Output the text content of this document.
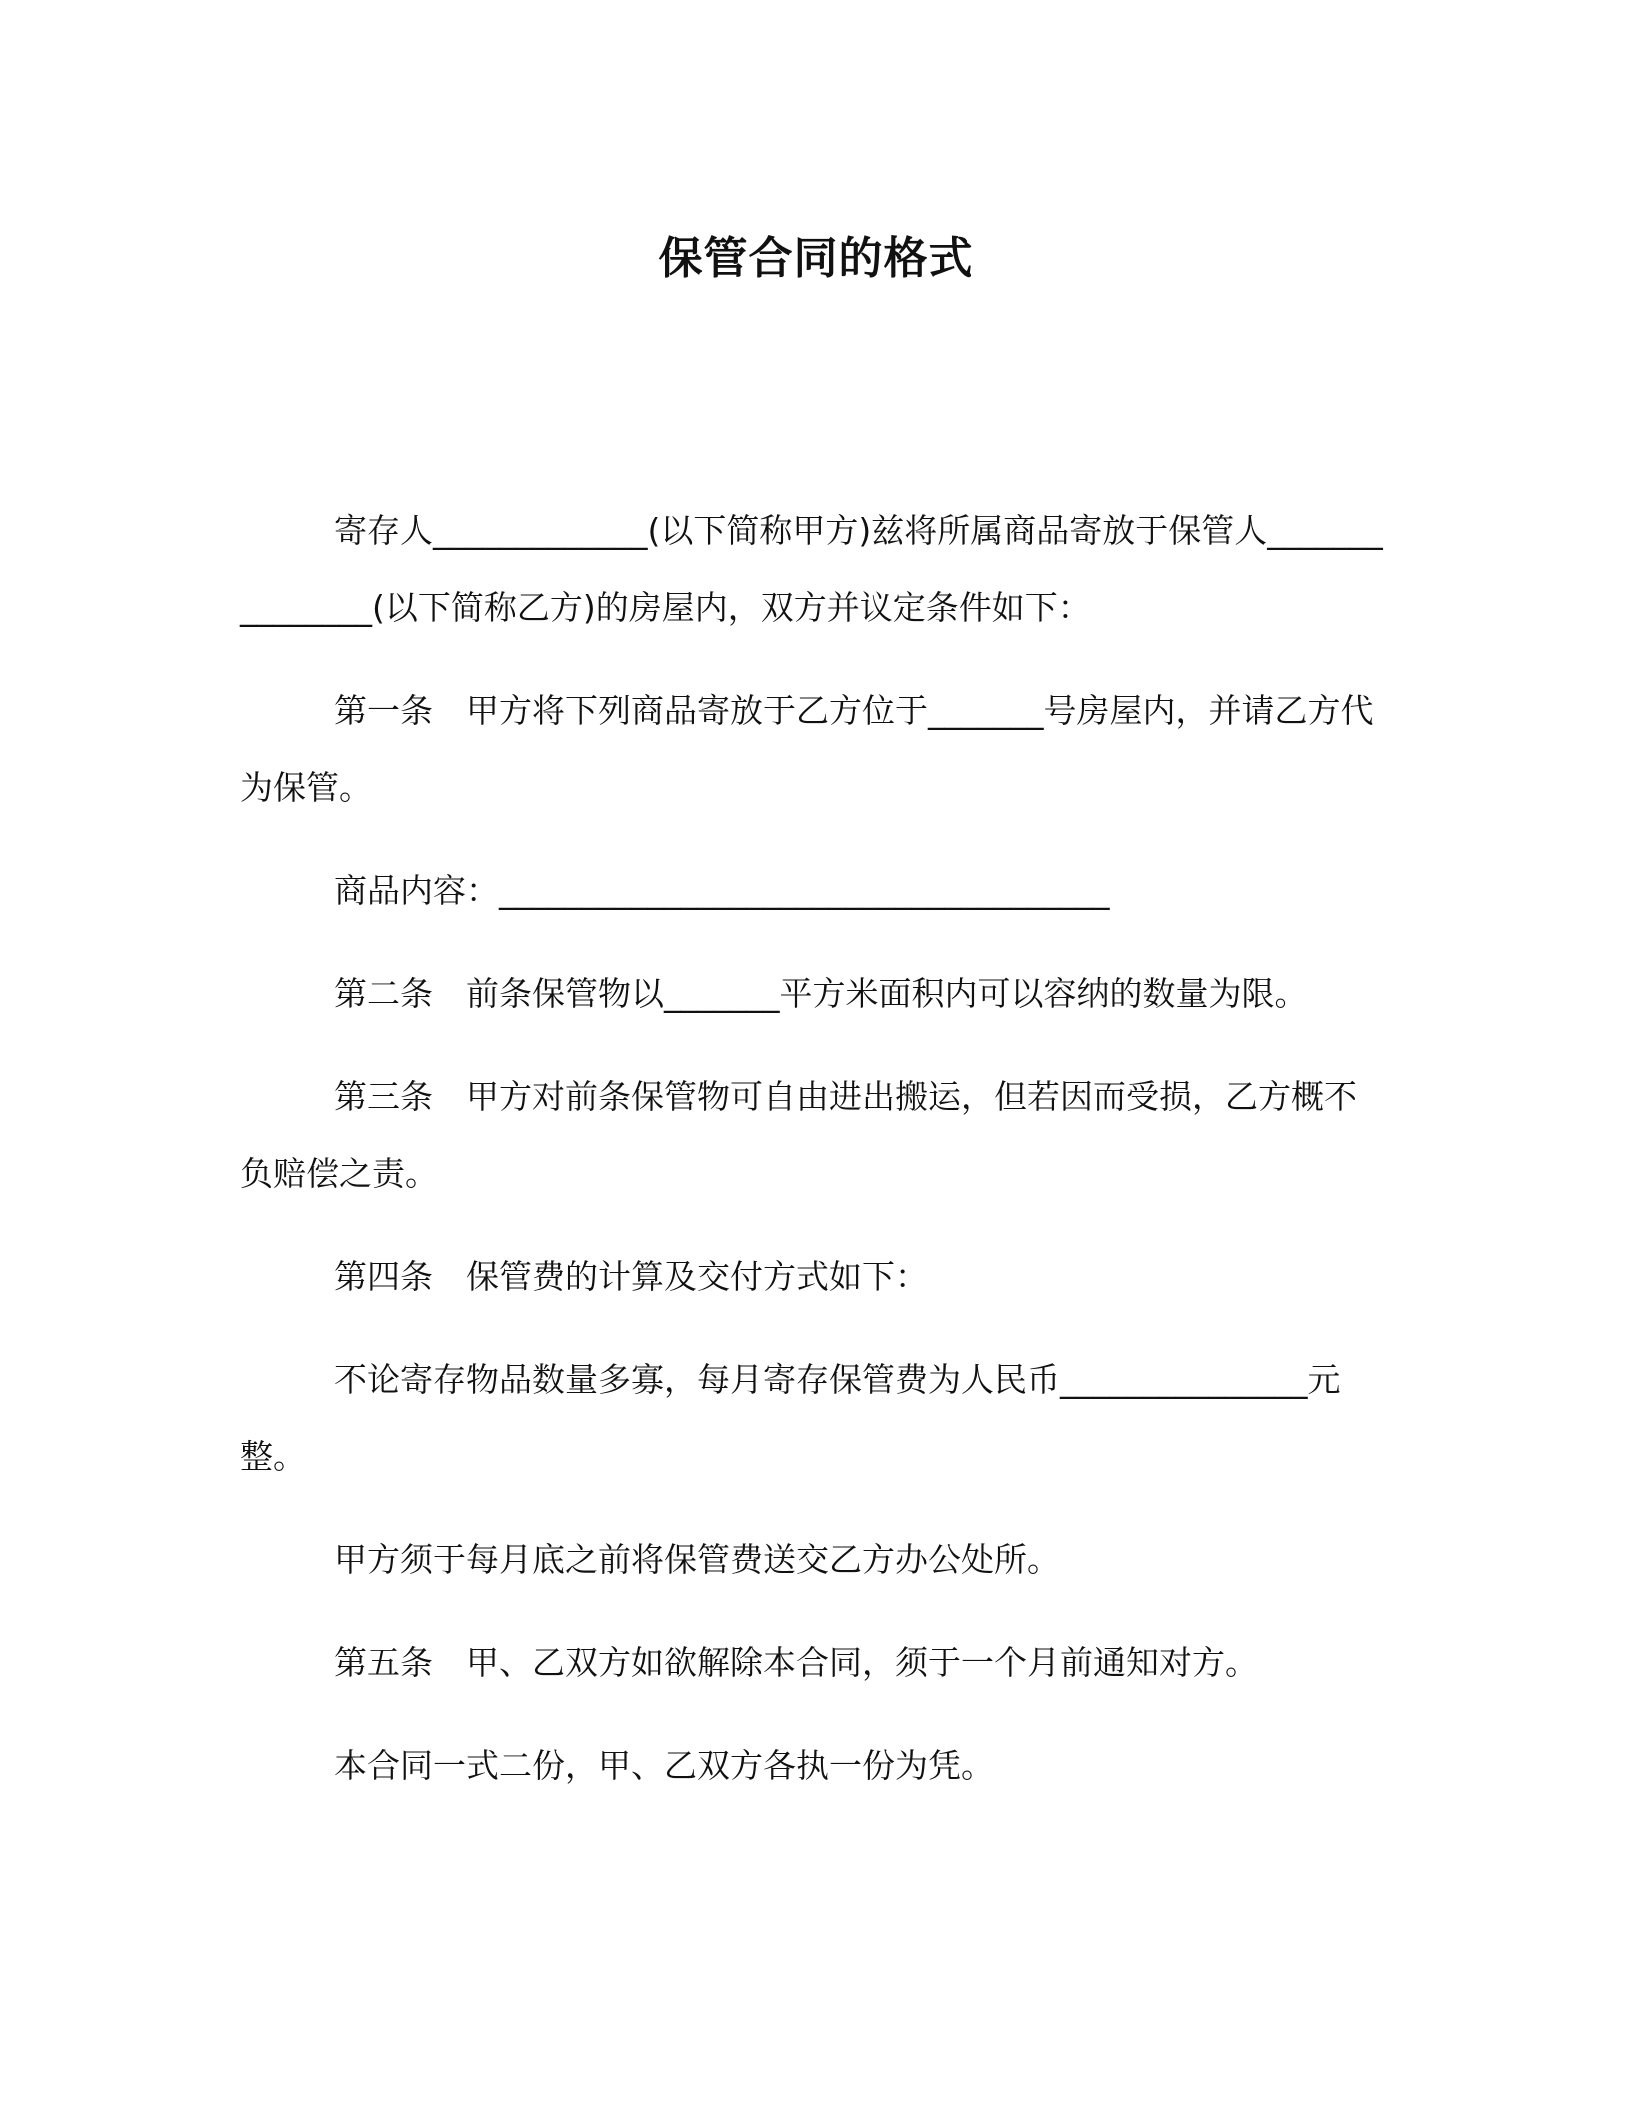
保管合同的格式

寄存人_____________(以下简称甲方)兹将所属商品寄放于保管人_______________(以下简称乙方)的房屋内，双方并议定条件如下：

第一条　甲方将下列商品寄放于乙方位于_______号房屋内，并请乙方代为保管。

商品内容：_____________________________________

第二条　前条保管物以_______平方米面积内可以容纳的数量为限。

第三条　甲方对前条保管物可自由进出搬运，但若因而受损，乙方概不负赔偿之责。

第四条　保管费的计算及交付方式如下：

不论寄存物品数量多寡，每月寄存保管费为人民币_______________元整。

甲方须于每月底之前将保管费送交乙方办公处所。

第五条　甲、乙双方如欲解除本合同，须于一个月前通知对方。

本合同一式二份，甲、乙双方各执一份为凭。
